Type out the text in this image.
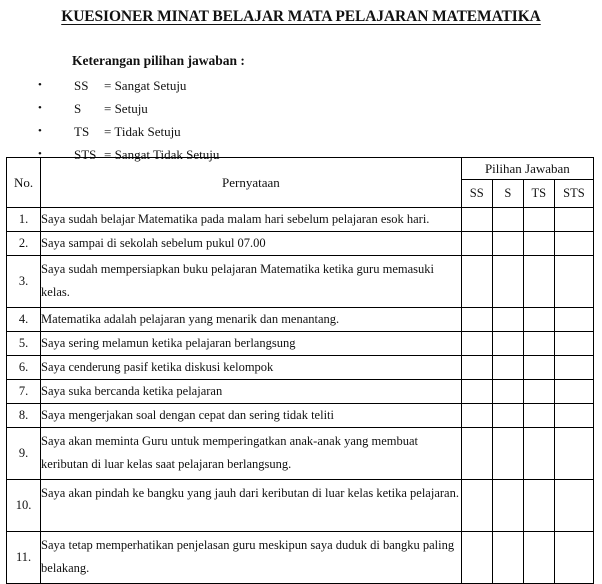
KUESIONER MINAT BELAJAR MATA PELAJARAN MATEMATIKA
Keterangan pilihan jawaban :
• SS = Sangat Setuju
• S = Setuju
• TS = Tidak Setuju
• STS = Sangat Tidak Setuju
No.	Pernyataan	Pilihan Jawaban			
		SS	S	TS	STS
1.	Saya sudah belajar Matematika pada malam hari sebelum pelajaran esok hari.				
2.	Saya sampai di sekolah sebelum pukul 07.00				
3.	Saya sudah mempersiapkan buku pelajaran Matematika ketika guru memasuki kelas.				
4.	Matematika adalah pelajaran yang menarik dan menantang.				
5.	Saya sering melamun ketika pelajaran berlangsung				
6.	Saya cenderung pasif ketika diskusi kelompok				
7.	Saya suka bercanda ketika pelajaran				
8.	Saya mengerjakan soal dengan cepat dan sering tidak teliti				
9.	Saya akan meminta Guru untuk memperingatkan anak-anak yang membuat keributan di luar kelas saat pelajaran berlangsung.				
10.	Saya akan pindah ke bangku yang jauh dari keributan di luar kelas ketika pelajaran.				
11.	Saya tetap memperhatikan penjelasan guru meskipun saya duduk di bangku paling belakang.				
